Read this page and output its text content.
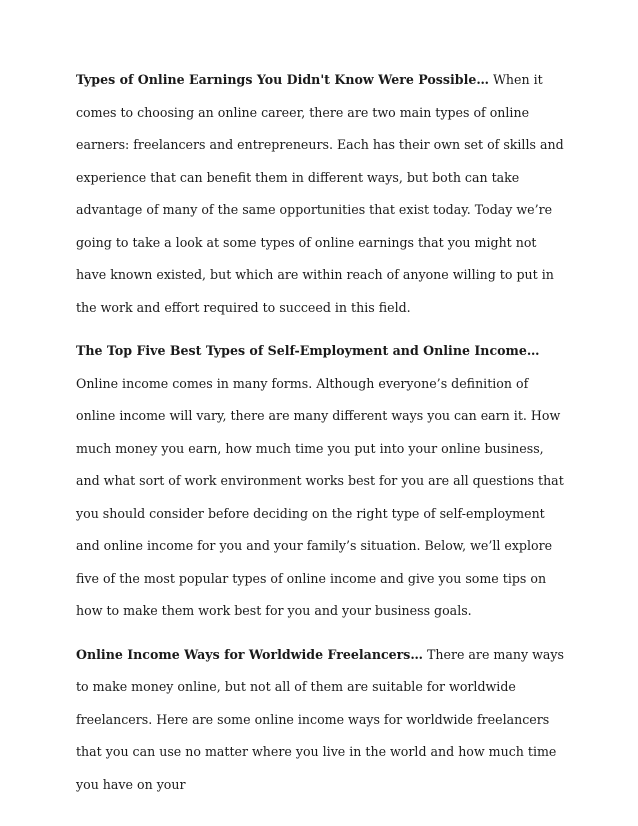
Types of Online Earnings You Didn't Know Were Possible… When it comes to choosing an online career, there are two main types of online earners: freelancers and entrepreneurs. Each has their own set of skills and experience that can benefit them in different ways, but both can take advantage of many of the same opportunities that exist today. Today we’re going to take a look at some types of online earnings that you might not have known existed, but which are within reach of anyone willing to put in the work and effort required to succeed in this field.

The Top Five Best Types of Self-Employment and Online Income… Online income comes in many forms. Although everyone’s definition of online income will vary, there are many different ways you can earn it. How much money you earn, how much time you put into your online business, and what sort of work environment works best for you are all questions that you should consider before deciding on the right type of self-employment and online income for you and your family’s situation. Below, we’ll explore five of the most popular types of online income and give you some tips on how to make them work best for you and your business goals.

Online Income Ways for Worldwide Freelancers… There are many ways to make money online, but not all of them are suitable for worldwide freelancers. Here are some online income ways for worldwide freelancers that you can use no matter where you live in the world and how much time you have on your
